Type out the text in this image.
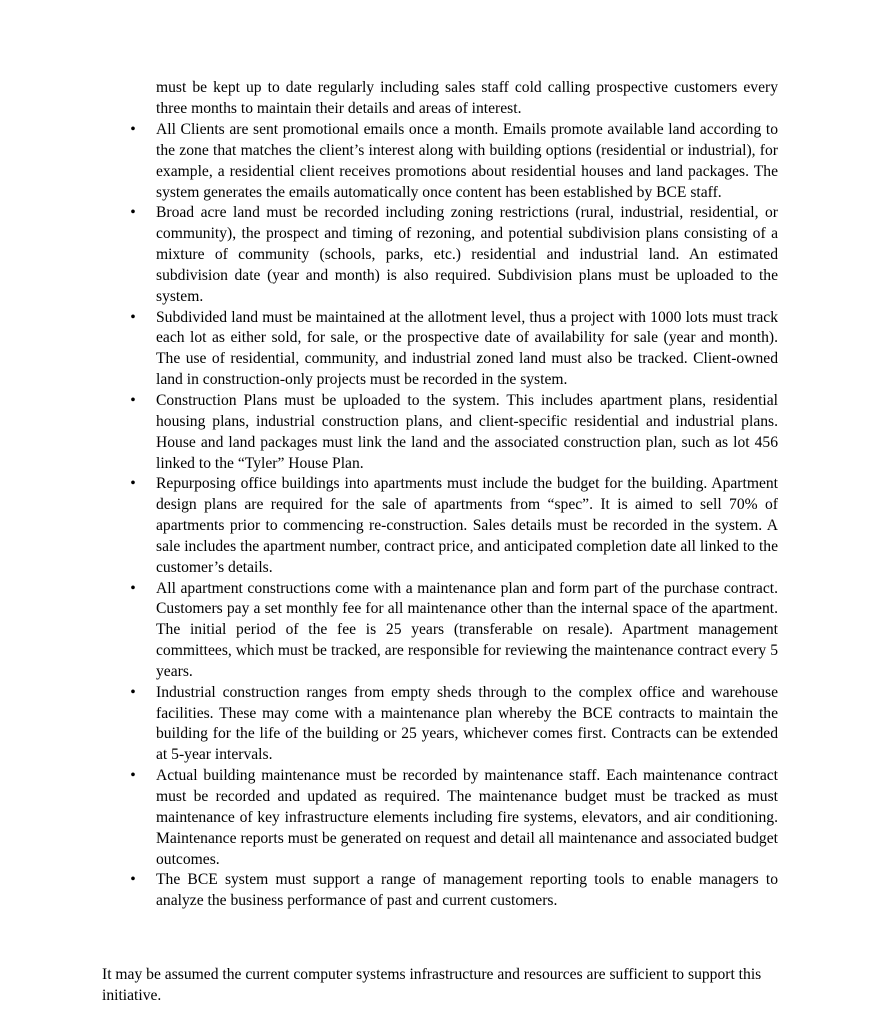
must be kept up to date regularly including sales staff cold calling prospective customers every three months to maintain their details and areas of interest.

• All Clients are sent promotional emails once a month. Emails promote available land according to the zone that matches the client’s interest along with building options (residential or industrial), for example, a residential client receives promotions about residential houses and land packages. The system generates the emails automatically once content has been established by BCE staff.
• Broad acre land must be recorded including zoning restrictions (rural, industrial, residential, or community), the prospect and timing of rezoning, and potential subdivision plans consisting of a mixture of community (schools, parks, etc.) residential and industrial land. An estimated subdivision date (year and month) is also required. Subdivision plans must be uploaded to the system.
• Subdivided land must be maintained at the allotment level, thus a project with 1000 lots must track each lot as either sold, for sale, or the prospective date of availability for sale (year and month). The use of residential, community, and industrial zoned land must also be tracked. Client-owned land in construction-only projects must be recorded in the system.
• Construction Plans must be uploaded to the system. This includes apartment plans, residential housing plans, industrial construction plans, and client-specific residential and industrial plans. House and land packages must link the land and the associated construction plan, such as lot 456 linked to the “Tyler” House Plan.
• Repurposing office buildings into apartments must include the budget for the building. Apartment design plans are required for the sale of apartments from “spec”. It is aimed to sell 70% of apartments prior to commencing re-construction. Sales details must be recorded in the system. A sale includes the apartment number, contract price, and anticipated completion date all linked to the customer’s details.
• All apartment constructions come with a maintenance plan and form part of the purchase contract. Customers pay a set monthly fee for all maintenance other than the internal space of the apartment. The initial period of the fee is 25 years (transferable on resale). Apartment management committees, which must be tracked, are responsible for reviewing the maintenance contract every 5 years.
• Industrial construction ranges from empty sheds through to the complex office and warehouse facilities. These may come with a maintenance plan whereby the BCE contracts to maintain the building for the life of the building or 25 years, whichever comes first. Contracts can be extended at 5-year intervals.
• Actual building maintenance must be recorded by maintenance staff. Each maintenance contract must be recorded and updated as required. The maintenance budget must be tracked as must maintenance of key infrastructure elements including fire systems, elevators, and air conditioning. Maintenance reports must be generated on request and detail all maintenance and associated budget outcomes.
• The BCE system must support a range of management reporting tools to enable managers to analyze the business performance of past and current customers.

It may be assumed the current computer systems infrastructure and resources are sufficient to support this initiative.
